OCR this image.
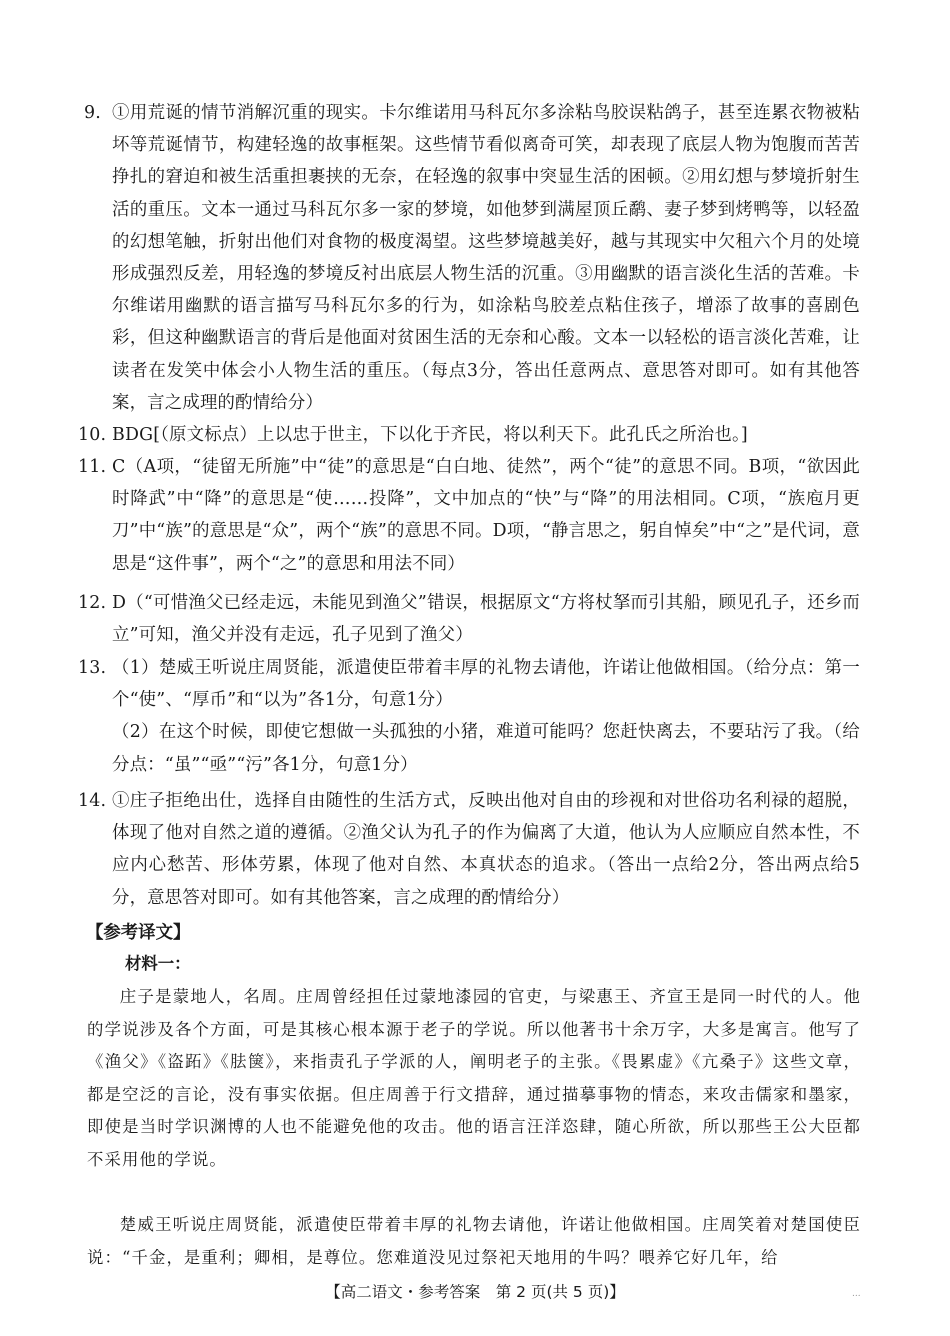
9. ①用荒诞的情节消解沉重的现实。卡尔维诺用马科瓦尔多涂粘鸟胶误粘鸽子，甚至连累衣物被粘坏等荒诞情节，构建轻逸的故事框架。这些情节看似离奇可笑，却表现了底层人物为饱腹而苦苦挣扎的窘迫和被生活重担裹挟的无奈，在轻逸的叙事中突显生活的困顿。②用幻想与梦境折射生活的重压。文本一通过马科瓦尔多一家的梦境，如他梦到满屋顶丘鹬、妻子梦到烤鸭等，以轻盈的幻想笔触，折射出他们对食物的极度渴望。这些梦境越美好，越与其现实中欠租六个月的处境形成强烈反差，用轻逸的梦境反衬出底层人物生活的沉重。③用幽默的语言淡化生活的苦难。卡尔维诺用幽默的语言描写马科瓦尔多的行为，如涂粘鸟胶差点粘住孩子，增添了故事的喜剧色彩，但这种幽默语言的背后是他面对贫困生活的无奈和心酸。文本一以轻松的语言淡化苦难，让读者在发笑中体会小人物生活的重压。（每点3分，答出任意两点、意思答对即可。如有其他答案，言之成理的酌情给分）
10. BDG[（原文标点）上以忠于世主，下以化于齐民，将以利天下。此孔氏之所治也。]
11. C（A项，“徒留无所施”中“徒”的意思是“白白地、徒然”，两个“徒”的意思不同。B项，“欲因此时降武”中“降”的意思是“使……投降”，文中加点的“快”与“降”的用法相同。C项，“族庖月更刀”中“族”的意思是“众”，两个“族”的意思不同。D项，“静言思之，躬自悼矣”中“之”是代词，意思是“这件事”，两个“之”的意思和用法不同）
12. D（“可惜渔父已经走远，未能见到渔父”错误，根据原文“方将杖拏而引其船，顾见孔子，还乡而立”可知，渔父并没有走远，孔子见到了渔父）
13. （1）楚威王听说庄周贤能，派遣使臣带着丰厚的礼物去请他，许诺让他做相国。（给分点：第一个“使”、“厚币”和“以为”各1分，句意1分）
（2）在这个时候，即使它想做一头孤独的小猪，难道可能吗？您赶快离去，不要玷污了我。（给分点：“虽”“亟”“污”各1分，句意1分）
14. ①庄子拒绝出仕，选择自由随性的生活方式，反映出他对自由的珍视和对世俗功名利禄的超脱，体现了他对自然之道的遵循。②渔父认为孔子的作为偏离了大道，他认为人应顺应自然本性，不应内心愁苦、形体劳累，体现了他对自然、本真状态的追求。（答出一点给2分，答出两点给5分，意思答对即可。如有其他答案，言之成理的酌情给分）
【参考译文】
材料一：

庄子是蒙地人，名周。庄周曾经担任过蒙地漆园的官吏，与梁惠王、齐宣王是同一时代的人。他的学说涉及各个方面，可是其核心根本源于老子的学说。所以他著书十余万字，大多是寓言。他写了《渔父》《盗跖》《胠箧》，来指责孔子学派的人，阐明老子的主张。《畏累虚》《亢桑子》这些文章，都是空泛的言论，没有事实依据。但庄周善于行文措辞，通过描摹事物的情态，来攻击儒家和墨家，即使是当时学识渊博的人也不能避免他的攻击。他的语言汪洋恣肆，随心所欲，所以那些王公大臣都不采用他的学说。

楚威王听说庄周贤能，派遣使臣带着丰厚的礼物去请他，许诺让他做相国。庄周笑着对楚国使臣说：“千金，是重利；卿相，是尊位。您难道没见过祭祀天地用的牛吗？喂养它好几年，给

【高二语文・参考答案　第 2 页(共 5 页)】	...
